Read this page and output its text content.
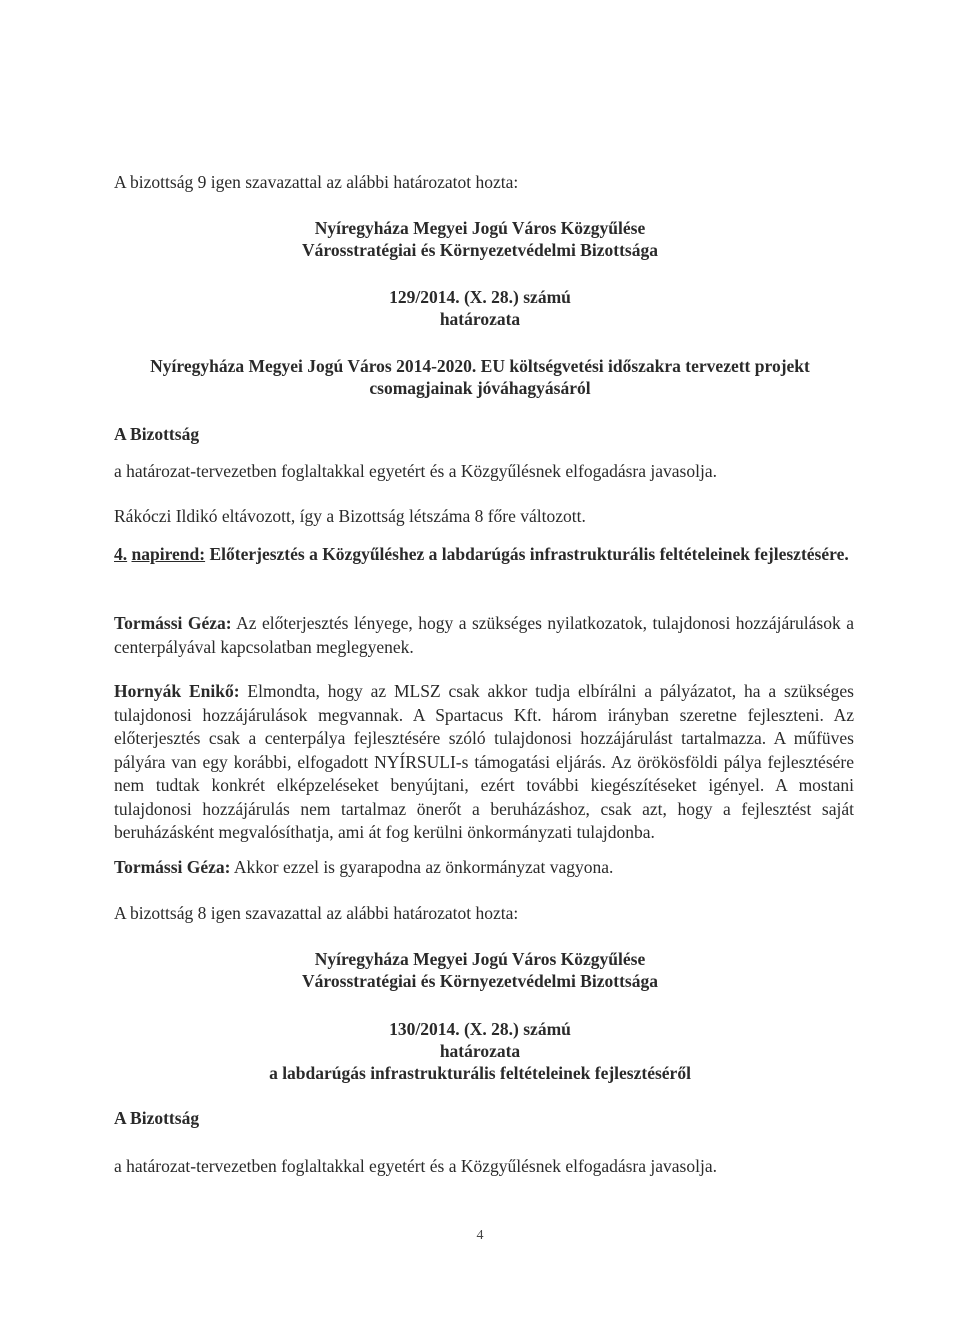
A bizottság 9 igen szavazattal az alábbi határozatot hozta:
Nyíregyháza Megyei Jogú Város Közgyűlése
Városstratégiai és Környezetvédelmi Bizottsága
129/2014. (X. 28.) számú
határozata
Nyíregyháza Megyei Jogú Város 2014-2020. EU költségvetési időszakra tervezett projekt
csomagjainak jóváhagyásáról
A Bizottság
a határozat-tervezetben foglaltakkal egyetért és a Közgyűlésnek elfogadásra javasolja.
Rákóczi Ildikó eltávozott, így a Bizottság létszáma 8 főre változott.
4. napirend: Előterjesztés a Közgyűléshez a labdarúgás infrastrukturális feltételeinek fejlesztésére.
Tormássi Géza: Az előterjesztés lényege, hogy a szükséges nyilatkozatok, tulajdonosi hozzájárulások a centerpályával kapcsolatban meglegyenek.
Hornyák Enikő: Elmondta, hogy az MLSZ csak akkor tudja elbírálni a pályázatot, ha a szükséges tulajdonosi hozzájárulások megvannak. A Spartacus Kft. három irányban szeretne fejleszteni. Az előterjesztés csak a centerpálya fejlesztésére szóló tulajdonosi hozzájárulást tartalmazza. A műfüves pályára van egy korábbi, elfogadott NYÍRSULI-s támogatási eljárás. Az örökösföldi pálya fejlesztésére nem tudtak konkrét elképzeléseket benyújtani, ezért további kiegészítéseket igényel. A mostani tulajdonosi hozzájárulás nem tartalmaz önerőt a beruházáshoz, csak azt, hogy a fejlesztést saját beruházásként megvalósíthatja, ami át fog kerülni önkormányzati tulajdonba.
Tormássi Géza: Akkor ezzel is gyarapodna az önkormányzat vagyona.
A bizottság 8 igen szavazattal az alábbi határozatot hozta:
Nyíregyháza Megyei Jogú Város Közgyűlése
Városstratégiai és Környezetvédelmi Bizottsága
130/2014. (X. 28.) számú
határozata
a labdarúgás infrastrukturális feltételeinek fejlesztéséről
A Bizottság
a határozat-tervezetben foglaltakkal egyetért és a Közgyűlésnek elfogadásra javasolja.
4
